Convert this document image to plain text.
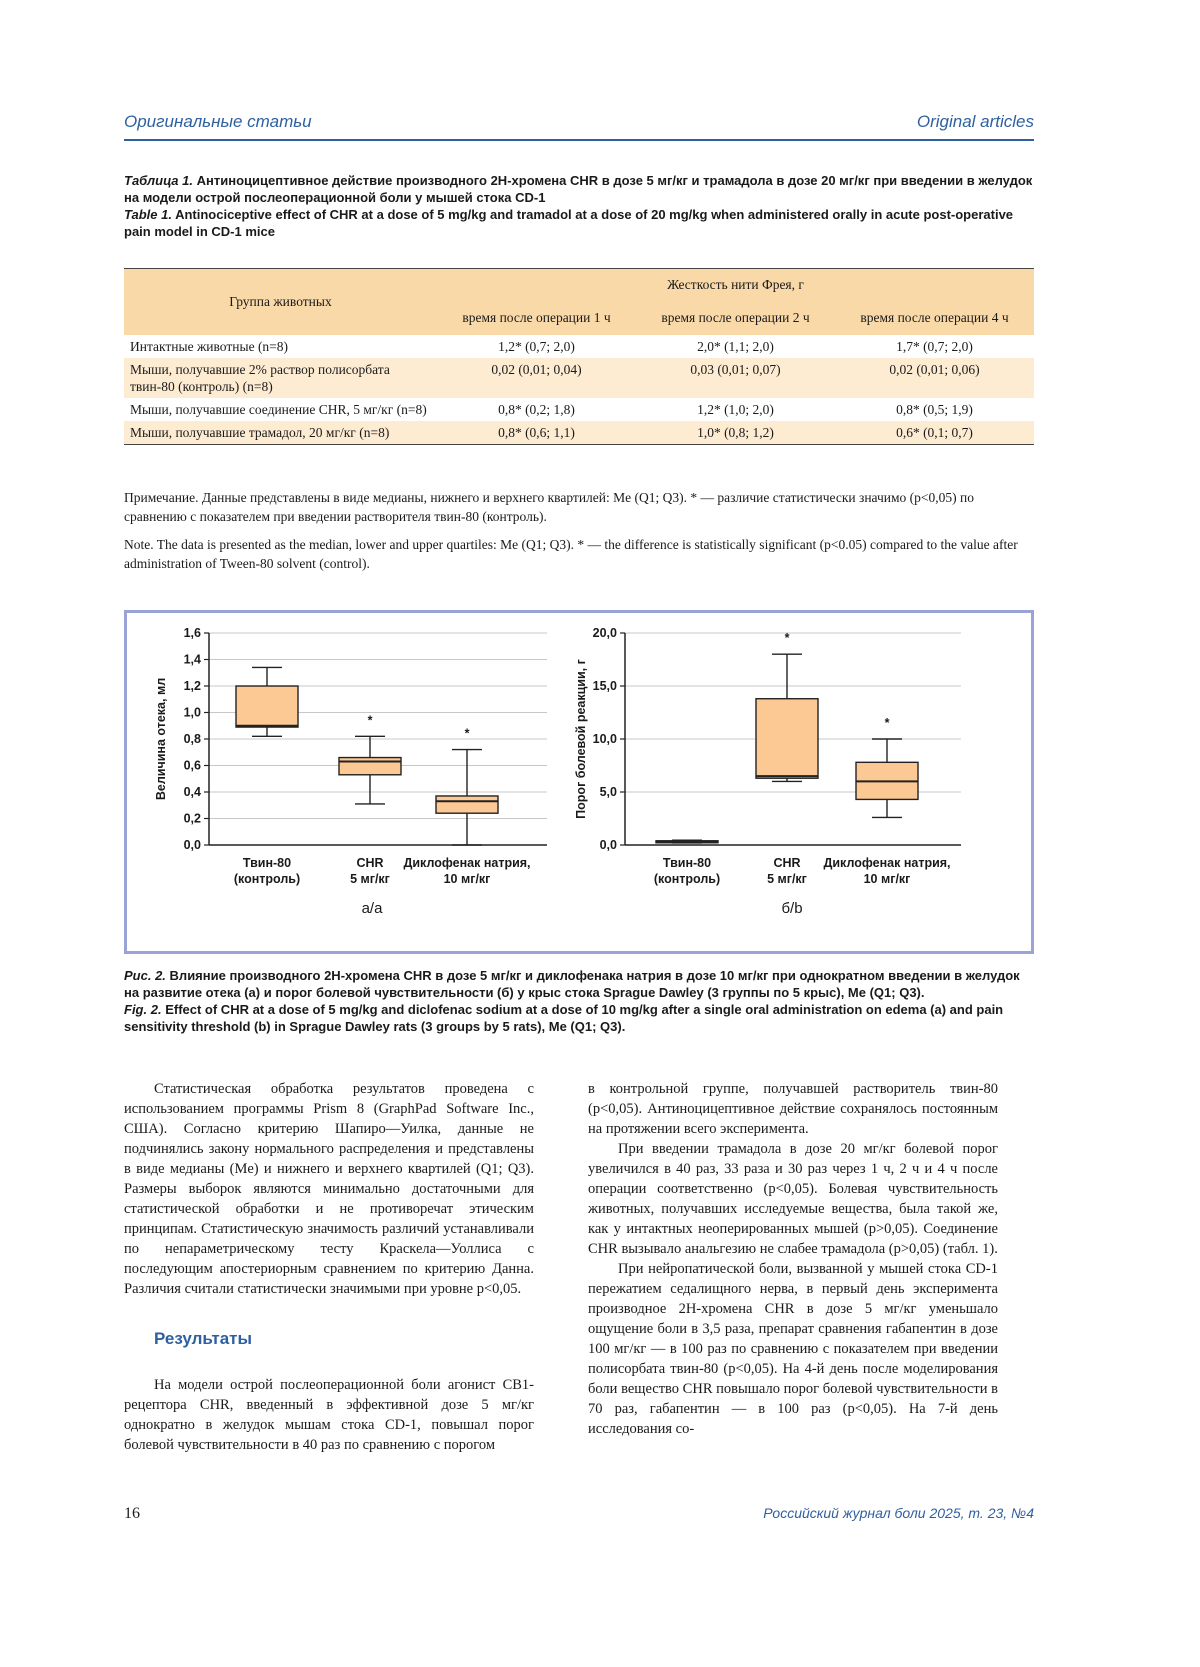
Оригинальные статьи	Original articles
Таблица 1. Антиноцицептивное действие производного 2H-хромена CHR в дозе 5 мг/кг и трамадола в дозе 20 мг/кг при введении в желудок на модели острой послеоперационной боли у мышей стока CD-1
Table 1. Antinociceptive effect of CHR at a dose of 5 mg/kg and tramadol at a dose of 20 mg/kg when administered orally in acute post-operative pain model in CD-1 mice
Группа животных	Жесткость нити Фрея, г		
	время после операции 1 ч	время после операции 2 ч	время после операции 4 ч
Интактные животные (n=8)	1,2* (0,7; 2,0)	2,0* (1,1; 2,0)	1,7* (0,7; 2,0)
Мыши, получавшие 2% раствор полисорбата твин-80 (контроль) (n=8)	0,02 (0,01; 0,04)	0,03 (0,01; 0,07)	0,02 (0,01; 0,06)
Мыши, получавшие соединение CHR, 5 мг/кг (n=8)	0,8* (0,2; 1,8)	1,2* (1,0; 2,0)	0,8* (0,5; 1,9)
Мыши, получавшие трамадол, 20 мг/кг (n=8)	0,8* (0,6; 1,1)	1,0* (0,8; 1,2)	0,6* (0,1; 0,7)
Примечание. Данные представлены в виде медианы, нижнего и верхнего квартилей: Me (Q1; Q3). * — различие статистически значимо (p<0,05) по сравнению с показателем при введении растворителя твин-80 (контроль).
Note. The data is presented as the median, lower and upper quartiles: Me (Q1; Q3). * — the difference is statistically significant (p<0.05) compared to the value after administration of Tween-80 solvent (control).
0,0
0,2
0,4
0,6
0,8
1,0
1,2
1,4
1,6
Величина отека, мл
Твин-80
(контроль)
*
CHR
5 мг/кг
*
Диклофенак натрия,
10 мг/кг
а/a
0,0
5,0
10,0
15,0
20,0
Порог болевой реакции, г
Твин-80
(контроль)
*
CHR
5 мг/кг
*
Диклофенак натрия,
10 мг/кг
б/b
Рис. 2. Влияние производного 2H-хромена CHR в дозе 5 мг/кг и диклофенака натрия в дозе 10 мг/кг при однократном введении в желудок на развитие отека (а) и порог болевой чувствительности (б) у крыс стока Sprague Dawley (3 группы по 5 крыс), Me (Q1; Q3).
Fig. 2. Effect of CHR at a dose of 5 mg/kg and diclofenac sodium at a dose of 10 mg/kg after a single oral administration on edema (a) and pain sensitivity threshold (b) in Sprague Dawley rats (3 groups by 5 rats), Me (Q1; Q3).

Статистическая обработка результатов проведена с использованием программы Prism 8 (GraphPad Software Inc., США). Согласно критерию Шапиро—Уилка, данные не подчинялись закону нормального распределения и представлены в виде медианы (Me) и нижнего и верхнего квартилей (Q1; Q3). Размеры выборок являются минимально достаточными для статистической обработки и не противоречат этическим принципам. Статистическую значимость различий устанавливали по непараметрическому тесту Краскела—Уоллиса с последующим апостериорным сравнением по критерию Данна. Различия считали статистически значимыми при уровне p<0,05.

Результаты

На модели острой послеоперационной боли агонист CB1-рецептора CHR, введенный в эффективной дозе 5 мг/кг однократно в желудок мышам стока CD-1, повышал порог болевой чувствительности в 40 раз по сравнению с порогом

в контрольной группе, получавшей растворитель твин-80 (p<0,05). Антиноцицептивное действие сохранялось постоянным на протяжении всего эксперимента.

При введении трамадола в дозе 20 мг/кг болевой порог увеличился в 40 раз, 33 раза и 30 раз через 1 ч, 2 ч и 4 ч после операции соответственно (p<0,05). Болевая чувствительность животных, получавших исследуемые вещества, была такой же, как у интактных неоперированных мышей (p>0,05). Соединение CHR вызывало анальгезию не слабее трамадола (p>0,05) (табл. 1).

При нейропатической боли, вызванной у мышей стока CD-1 пережатием седалищного нерва, в первый день эксперимента производное 2H-хромена CHR в дозе 5 мг/кг уменьшало ощущение боли в 3,5 раза, препарат сравнения габапентин в дозе 100 мг/кг — в 100 раз по сравнению с показателем при введении полисорбата твин-80 (p<0,05). На 4-й день после моделирования боли вещество CHR повышало порог болевой чувствительности в 70 раз, габапентин — в 100 раз (p<0,05). На 7-й день исследования со-

16	Российский журнал боли 2025, т. 23, №4
